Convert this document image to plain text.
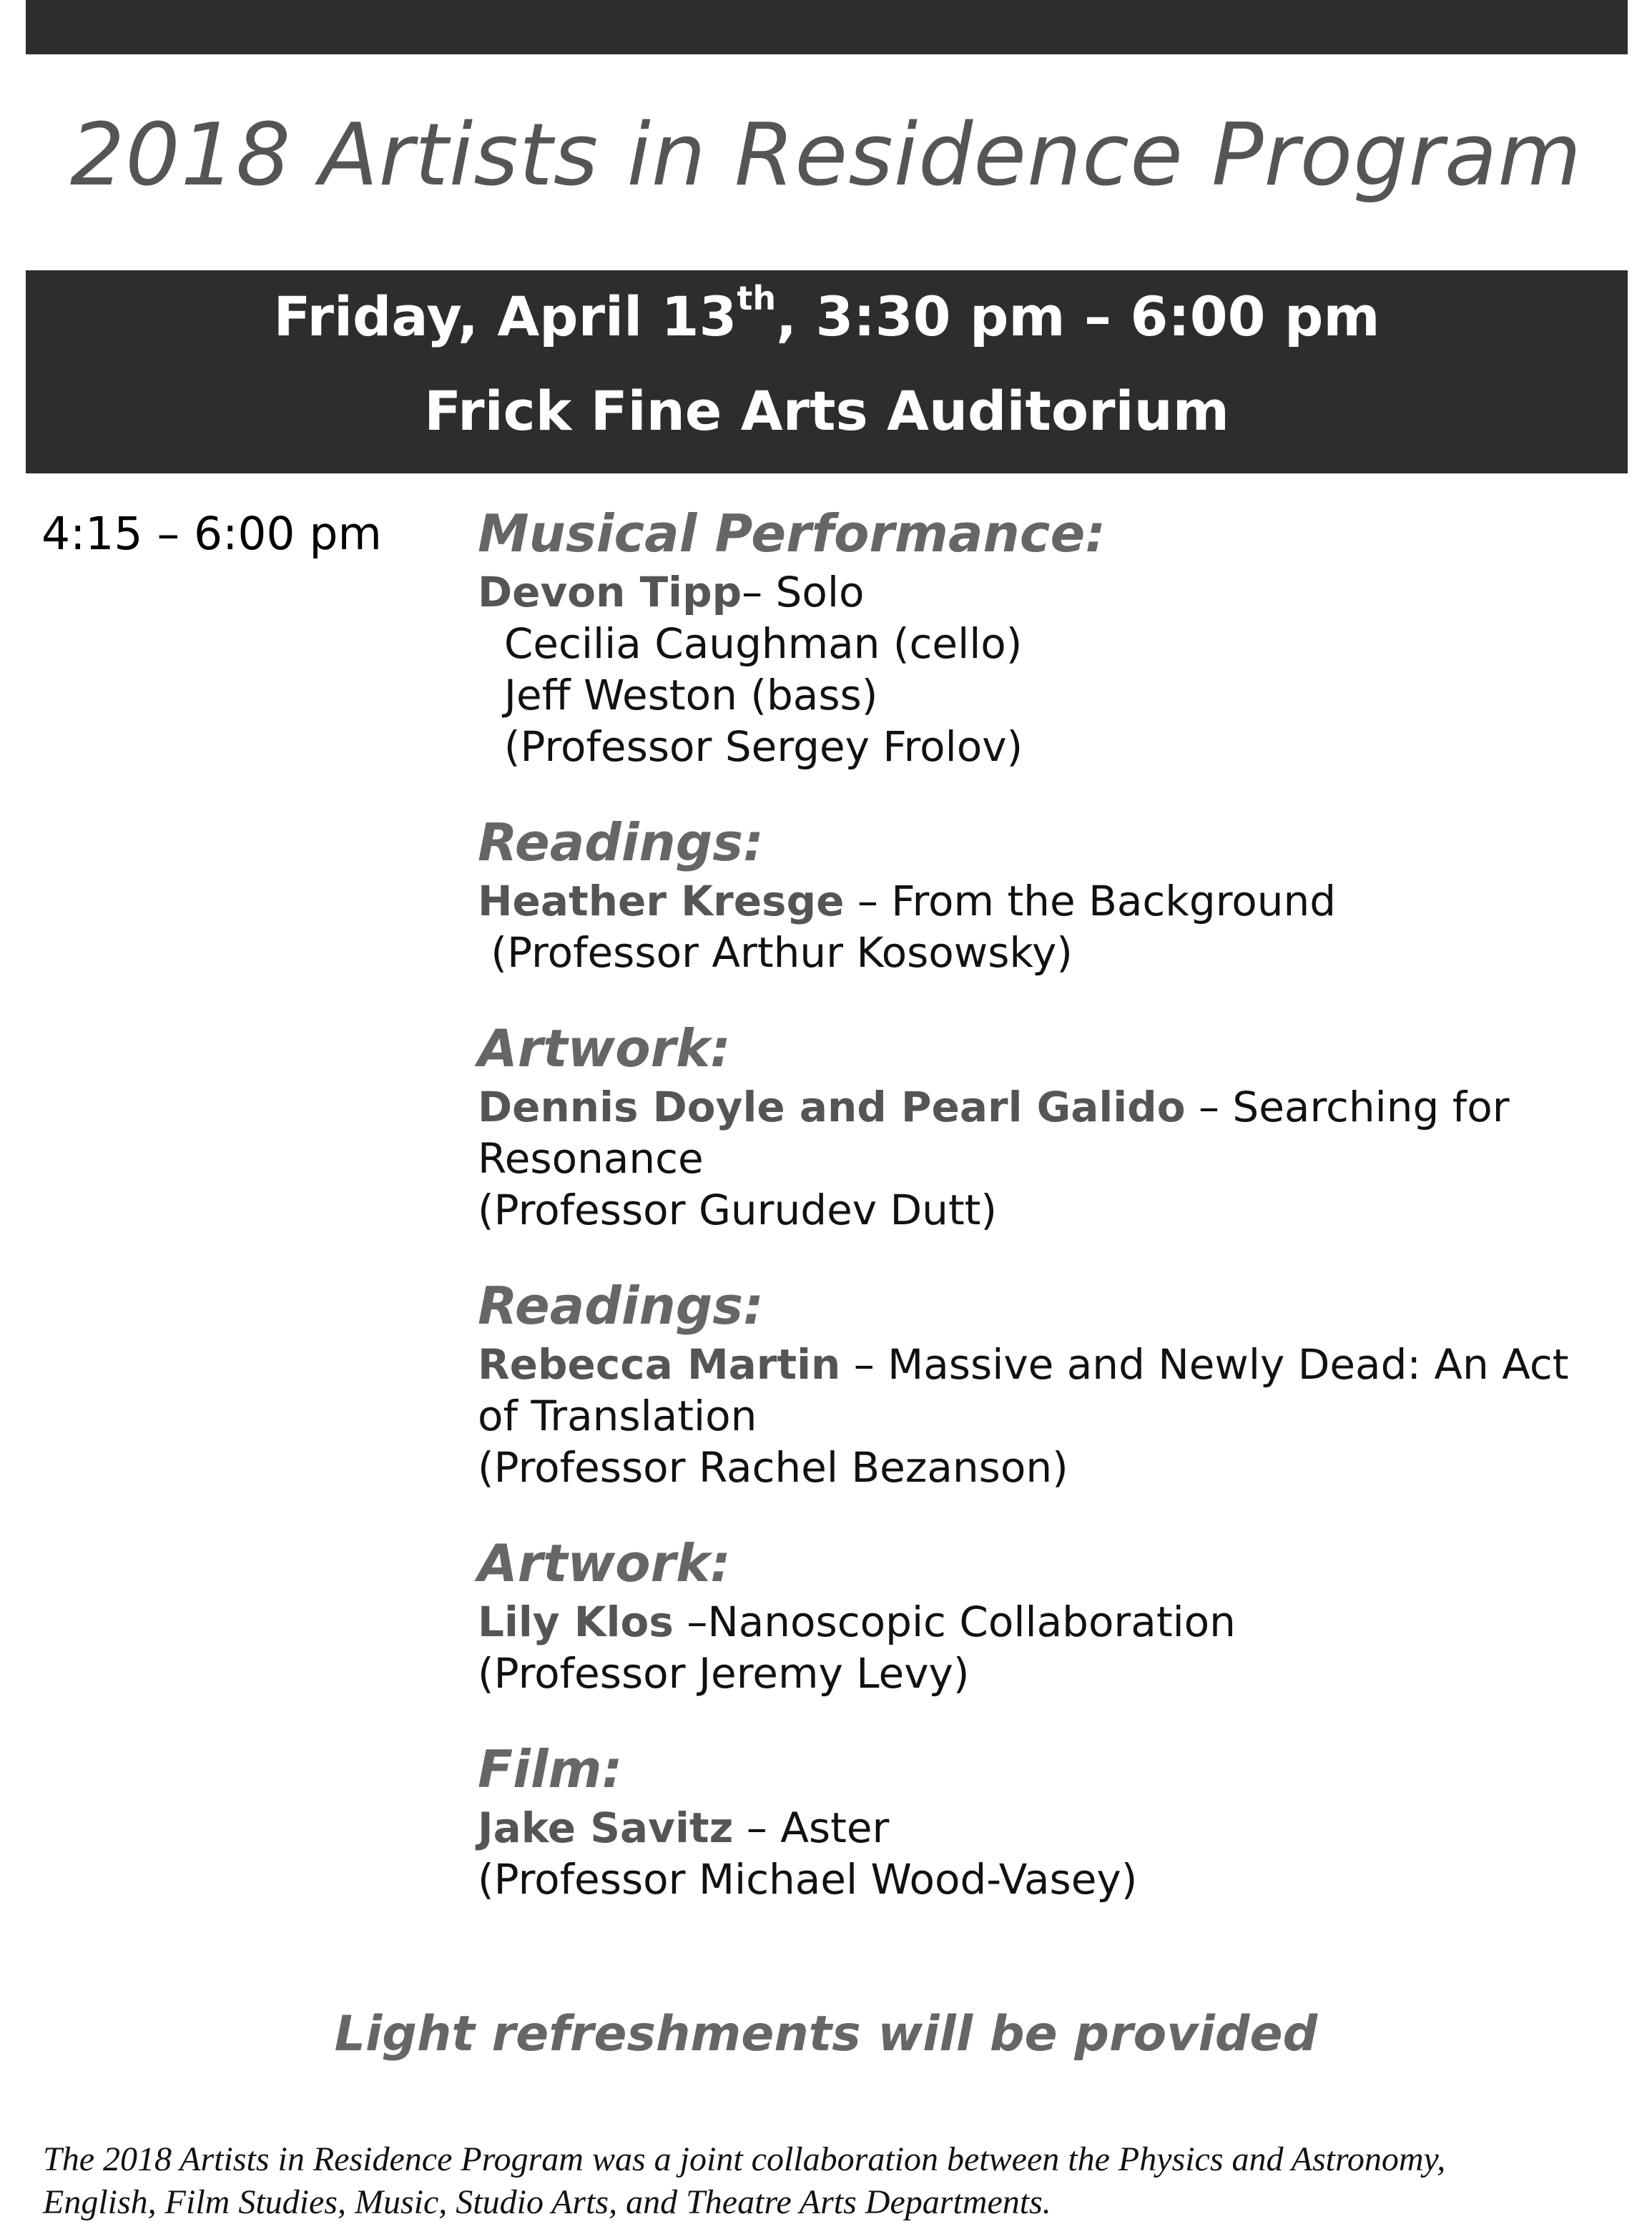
2018 Artists in Residence Program
Friday, April 13th, 3:30 pm – 6:00 pm
Frick Fine Arts Auditorium
4:15 – 6:00 pm Musical Performance:
Devon Tipp– Solo
Cecilia Caughman (cello)
Jeff Weston (bass)
(Professor Sergey Frolov)
Readings:
Heather Kresge – From the Background
(Professor Arthur Kosowsky)
Artwork:
Dennis Doyle and Pearl Galido – Searching for
Resonance
(Professor Gurudev Dutt)
Readings:
Rebecca Martin – Massive and Newly Dead: An Act
of Translation
(Professor Rachel Bezanson)
Artwork:
Lily Klos –Nanoscopic Collaboration
(Professor Jeremy Levy)
Film:
Jake Savitz – Aster
(Professor Michael Wood-Vasey)
Light refreshments will be provided
The 2018 Artists in Residence Program was a joint collaboration between the Physics and Astronomy,
English, Film Studies, Music, Studio Arts, and Theatre Arts Departments.
